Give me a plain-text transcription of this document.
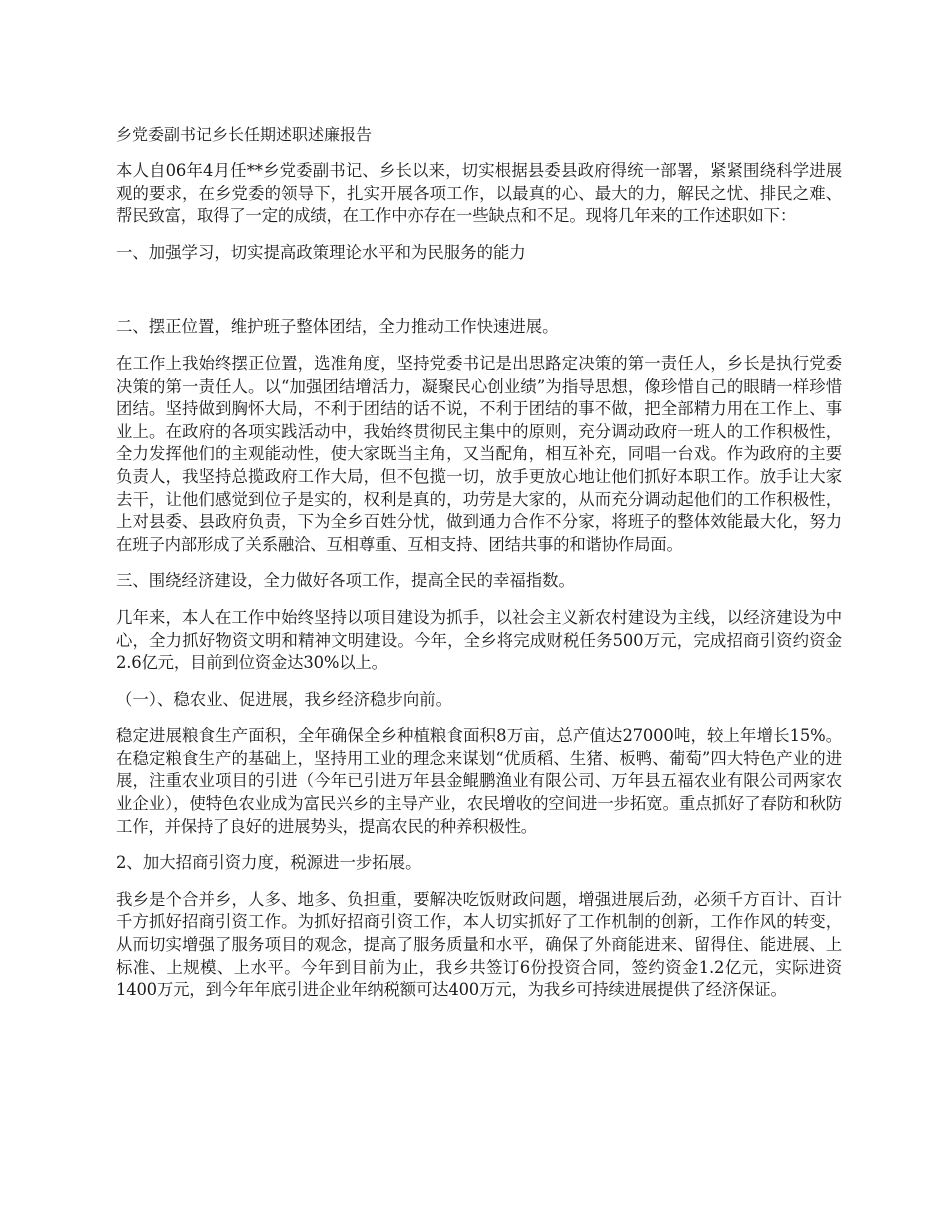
乡党委副书记乡长任期述职述廉报告
本人自06年4月任**乡党委副书记、乡长以来，切实根据县委县政府得统一部署，紧紧围绕科学进展观的要求，在乡党委的领导下，扎实开展各项工作，以最真的心、最大的力，解民之忧、排民之难、帮民致富，取得了一定的成绩，在工作中亦存在一些缺点和不足。现将几年来的工作述职如下：
一、加强学习，切实提高政策理论水平和为民服务的能力
二、摆正位置，维护班子整体团结，全力推动工作快速进展。
在工作上我始终摆正位置，选准角度，坚持党委书记是出思路定决策的第一责任人，乡长是执行党委决策的第一责任人。以“加强团结增活力，凝聚民心创业绩”为指导思想，像珍惜自己的眼睛一样珍惜团结。坚持做到胸怀大局，不利于团结的话不说，不利于团结的事不做，把全部精力用在工作上、事业上。在政府的各项实践活动中，我始终贯彻民主集中的原则，充分调动政府一班人的工作积极性，全力发挥他们的主观能动性，使大家既当主角，又当配角，相互补充，同唱一台戏。作为政府的主要负责人，我坚持总揽政府工作大局，但不包揽一切，放手更放心地让他们抓好本职工作。放手让大家去干，让他们感觉到位子是实的，权利是真的，功劳是大家的，从而充分调动起他们的工作积极性，上对县委、县政府负责，下为全乡百姓分忧，做到通力合作不分家，将班子的整体效能最大化，努力在班子内部形成了关系融洽、互相尊重、互相支持、团结共事的和谐协作局面。
三、围绕经济建设，全力做好各项工作，提高全民的幸福指数。
几年来，本人在工作中始终坚持以项目建设为抓手，以社会主义新农村建设为主线，以经济建设为中心，全力抓好物资文明和精神文明建设。今年，全乡将完成财税任务500万元，完成招商引资约资金2.6亿元，目前到位资金达30%以上。
（一）、稳农业、促进展，我乡经济稳步向前。
稳定进展粮食生产面积，全年确保全乡种植粮食面积8万亩，总产值达27000吨，较上年增长15%。在稳定粮食生产的基础上，坚持用工业的理念来谋划“优质稻、生猪、板鸭、葡萄”四大特色产业的进展，注重农业项目的引进（今年已引进万年县金鲲鹏渔业有限公司、万年县五福农业有限公司两家农业企业），使特色农业成为富民兴乡的主导产业，农民增收的空间进一步拓宽。重点抓好了春防和秋防工作，并保持了良好的进展势头，提高农民的种养积极性。
2、加大招商引资力度，税源进一步拓展。
我乡是个合并乡，人多、地多、负担重，要解决吃饭财政问题，增强进展后劲，必须千方百计、百计千方抓好招商引资工作。为抓好招商引资工作，本人切实抓好了工作机制的创新，工作作风的转变，从而切实增强了服务项目的观念，提高了服务质量和水平，确保了外商能进来、留得住、能进展、上标准、上规模、上水平。今年到目前为止，我乡共签订6份投资合同，签约资金1.2亿元，实际进资1400万元，到今年年底引进企业年纳税额可达400万元，为我乡可持续进展提供了经济保证。
